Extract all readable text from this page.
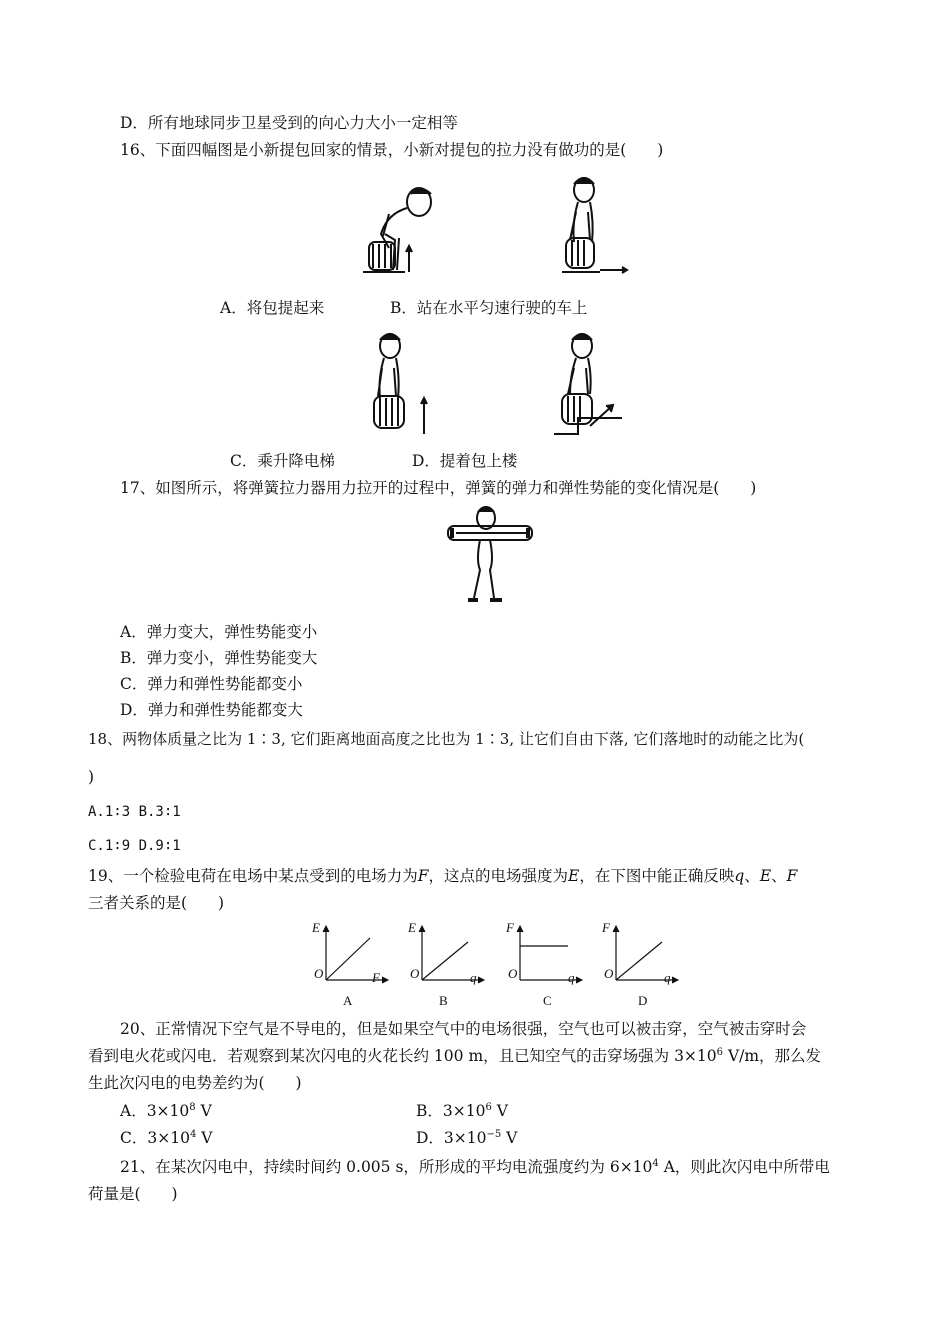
D．所有地球同步卫星受到的向心力大小一定相等
16、下面四幅图是小新提包回家的情景，小新对提包的拉力没有做功的是(　　)
A．将包提起来	B．站在水平匀速行驶的车上
C．乘升降电梯	D．提着包上楼
17、如图所示，将弹簧拉力器用力拉开的过程中，弹簧的弹力和弹性势能的变化情况是(　　)
A．弹力变大，弹性势能变小
B．弹力变小，弹性势能变大
C．弹力和弹性势能都变小
D．弹力和弹性势能都变大
18、两物体质量之比为 1∶3, 它们距离地面高度之比也为 1∶3, 让它们自由下落, 它们落地时的动能之比为(
)
A.1∶3 B.3∶1
C.1∶9 D.9∶1
19、一个检验电荷在电场中某点受到的电场力为F，这点的电场强度为E，在下图中能正确反映q、E、F
三者关系的是(　　)
E
O	F
A
E
O	q
B
F
O	q
C
F
O	q
D
20、正常情况下空气是不导电的，但是如果空气中的电场很强，空气也可以被击穿，空气被击穿时会
看到电火花或闪电．若观察到某次闪电的火花长约 100 m，且已知空气的击穿场强为 $3\times 10^6$ V/m，那么发
生此次闪电的电势差约为(　　)
A．$3\times 10^8$ V	B．$3\times 10^6$ V
C．$3\times 10^4$ V	D．$3\times 10^{-5}$ V
21、在某次闪电中，持续时间约 0.005 s，所形成的平均电流强度约为 $6\times 10^4$ A，则此次闪电中所带电
荷量是(　　)
